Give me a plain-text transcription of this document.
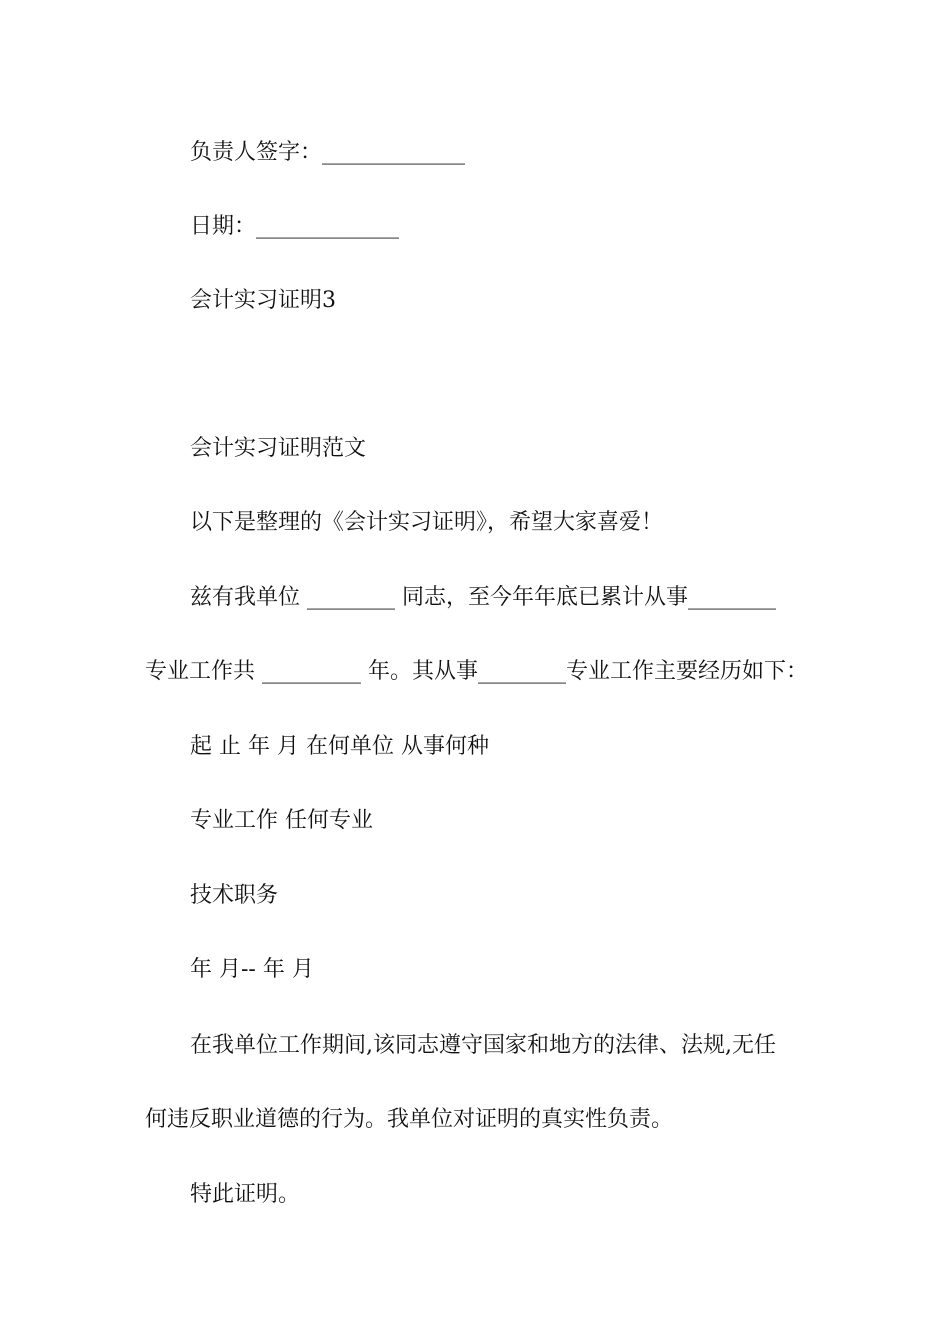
负责人签字：_____________
日期：_____________
会计实习证明3
会计实习证明范文
以下是整理的《会计实习证明》，希望大家喜爱！
兹有我单位 ________ 同志，至今年年底已累计从事________
专业工作共 _________ 年。其从事________专业工作主要经历如下：
起 止 年 月 在何单位 从事何种
专业工作 任何专业
技术职务
年 月-- 年 月
在我单位工作期间,该同志遵守国家和地方的法律、法规,无任
何违反职业道德的行为。我单位对证明的真实性负责。
特此证明。
